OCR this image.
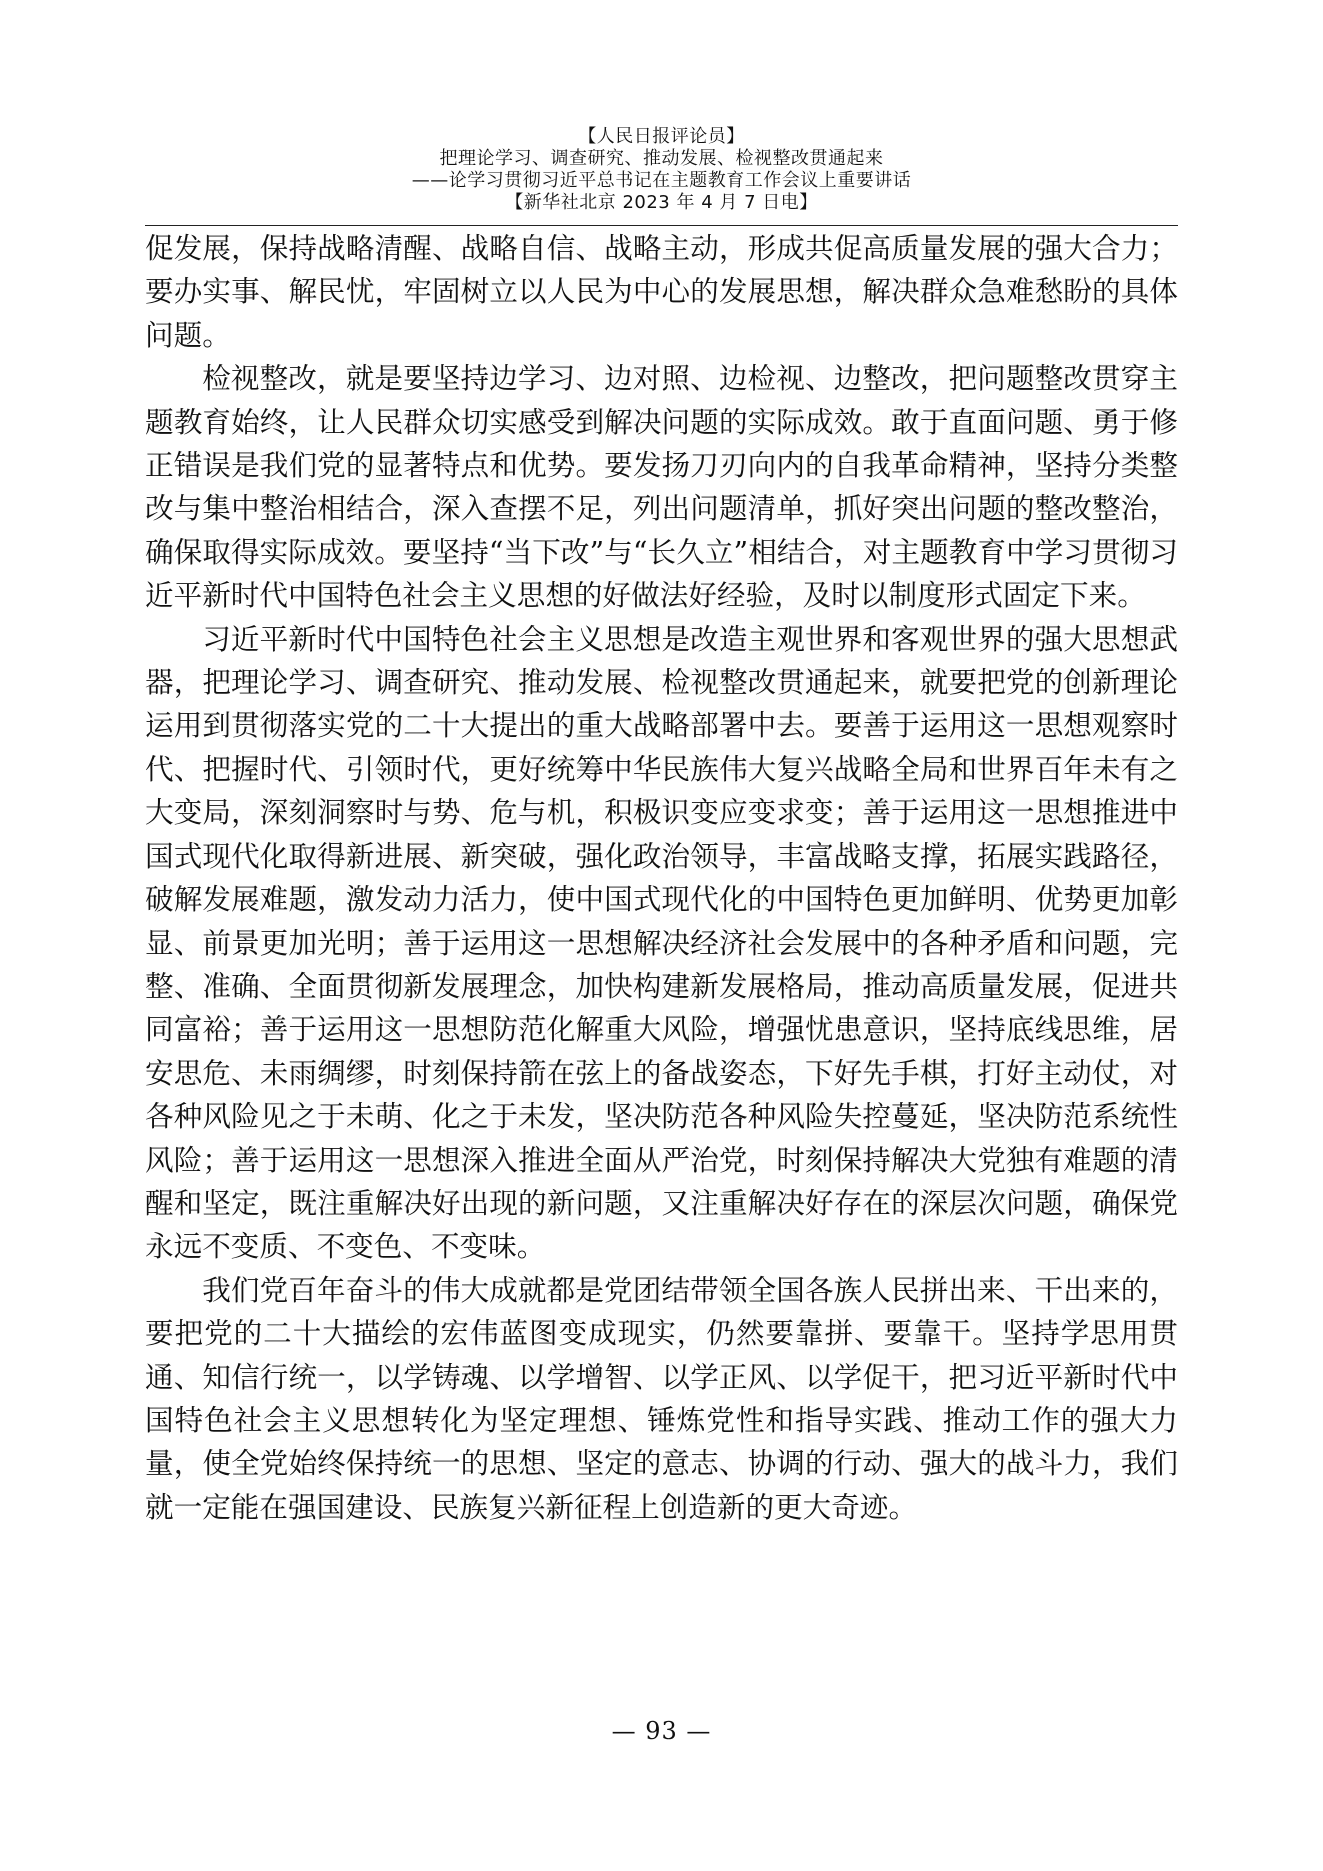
【人民日报评论员】
把理论学习、调查研究、推动发展、检视整改贯通起来
——论学习贯彻习近平总书记在主题教育工作会议上重要讲话
【新华社北京 2023 年 4 月 7 日电】

促发展，保持战略清醒、战略自信、战略主动，形成共促高质量发展的强大合力；要办实事、解民忧，牢固树立以人民为中心的发展思想，解决群众急难愁盼的具体问题。

检视整改，就是要坚持边学习、边对照、边检视、边整改，把问题整改贯穿主题教育始终，让人民群众切实感受到解决问题的实际成效。敢于直面问题、勇于修正错误是我们党的显著特点和优势。要发扬刀刃向内的自我革命精神，坚持分类整改与集中整治相结合，深入查摆不足，列出问题清单，抓好突出问题的整改整治，确保取得实际成效。要坚持“当下改”与“长久立”相结合，对主题教育中学习贯彻习近平新时代中国特色社会主义思想的好做法好经验，及时以制度形式固定下来。

习近平新时代中国特色社会主义思想是改造主观世界和客观世界的强大思想武器，把理论学习、调查研究、推动发展、检视整改贯通起来，就要把党的创新理论运用到贯彻落实党的二十大提出的重大战略部署中去。要善于运用这一思想观察时代、把握时代、引领时代，更好统筹中华民族伟大复兴战略全局和世界百年未有之大变局，深刻洞察时与势、危与机，积极识变应变求变；善于运用这一思想推进中国式现代化取得新进展、新突破，强化政治领导，丰富战略支撑，拓展实践路径，破解发展难题，激发动力活力，使中国式现代化的中国特色更加鲜明、优势更加彰显、前景更加光明；善于运用这一思想解决经济社会发展中的各种矛盾和问题，完整、准确、全面贯彻新发展理念，加快构建新发展格局，推动高质量发展，促进共同富裕；善于运用这一思想防范化解重大风险，增强忧患意识，坚持底线思维，居安思危、未雨绸缪，时刻保持箭在弦上的备战姿态，下好先手棋，打好主动仗，对各种风险见之于未萌、化之于未发，坚决防范各种风险失控蔓延，坚决防范系统性风险；善于运用这一思想深入推进全面从严治党，时刻保持解决大党独有难题的清醒和坚定，既注重解决好出现的新问题，又注重解决好存在的深层次问题，确保党永远不变质、不变色、不变味。

我们党百年奋斗的伟大成就都是党团结带领全国各族人民拼出来、干出来的，要把党的二十大描绘的宏伟蓝图变成现实，仍然要靠拼、要靠干。坚持学思用贯通、知信行统一，以学铸魂、以学增智、以学正风、以学促干，把习近平新时代中国特色社会主义思想转化为坚定理想、锤炼党性和指导实践、推动工作的强大力量，使全党始终保持统一的思想、坚定的意志、协调的行动、强大的战斗力，我们就一定能在强国建设、民族复兴新征程上创造新的更大奇迹。

— 93 —
